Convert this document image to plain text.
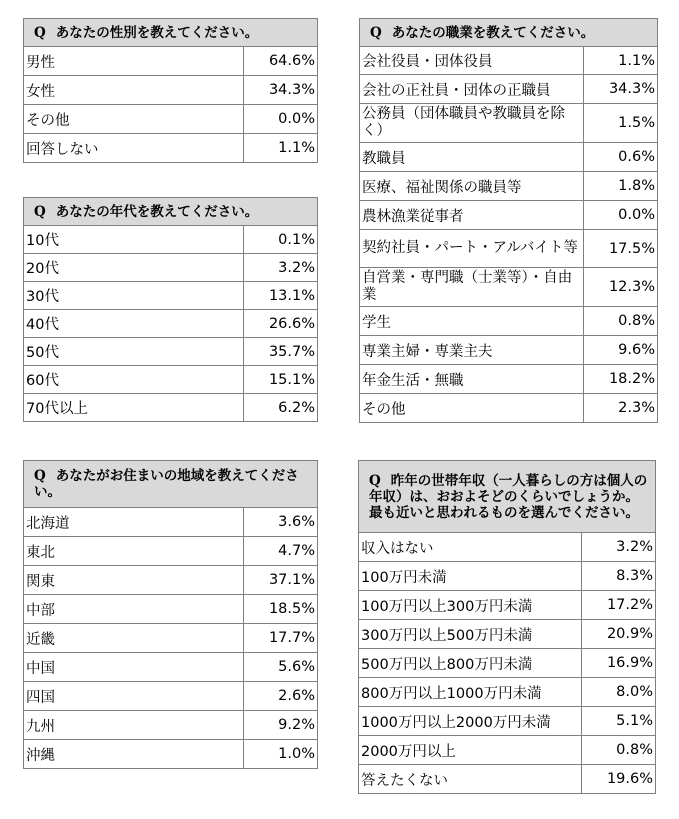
Q あなたの性別を教えてください。	
男性	64.6%
女性	34.3%
その他	0.0%
回答しない	1.1%
Q あなたの年代を教えてください。	
10代	0.1%
20代	3.2%
30代	13.1%
40代	26.6%
50代	35.7%
60代	15.1%
70代以上	6.2%
Q あなたがお住まいの地域を教えてください。	
北海道	3.6%
東北	4.7%
関東	37.1%
中部	18.5%
近畿	17.7%
中国	5.6%
四国	2.6%
九州	9.2%
沖縄	1.0%
Q あなたの職業を教えてください。	
会社役員・団体役員	1.1%
会社の正社員・団体の正職員	34.3%
公務員（団体職員や教職員を除く）	1.5%
教職員	0.6%
医療、福祉関係の職員等	1.8%
農林漁業従事者	0.0%
契約社員・パート・アルバイト等	17.5%
自営業・専門職（士業等）・自由業	12.3%
学生	0.8%
専業主婦・専業主夫	9.6%
年金生活・無職	18.2%
その他	2.3%
Q 昨年の世帯年収（一人暮らしの方は個人の年収）は、おおよそどのくらいでしょうか。最も近いと思われるものを選んでください。	
収入はない	3.2%
100万円未満	8.3%
100万円以上300万円未満	17.2%
300万円以上500万円未満	20.9%
500万円以上800万円未満	16.9%
800万円以上1000万円未満	8.0%
1000万円以上2000万円未満	5.1%
2000万円以上	0.8%
答えたくない	19.6%
